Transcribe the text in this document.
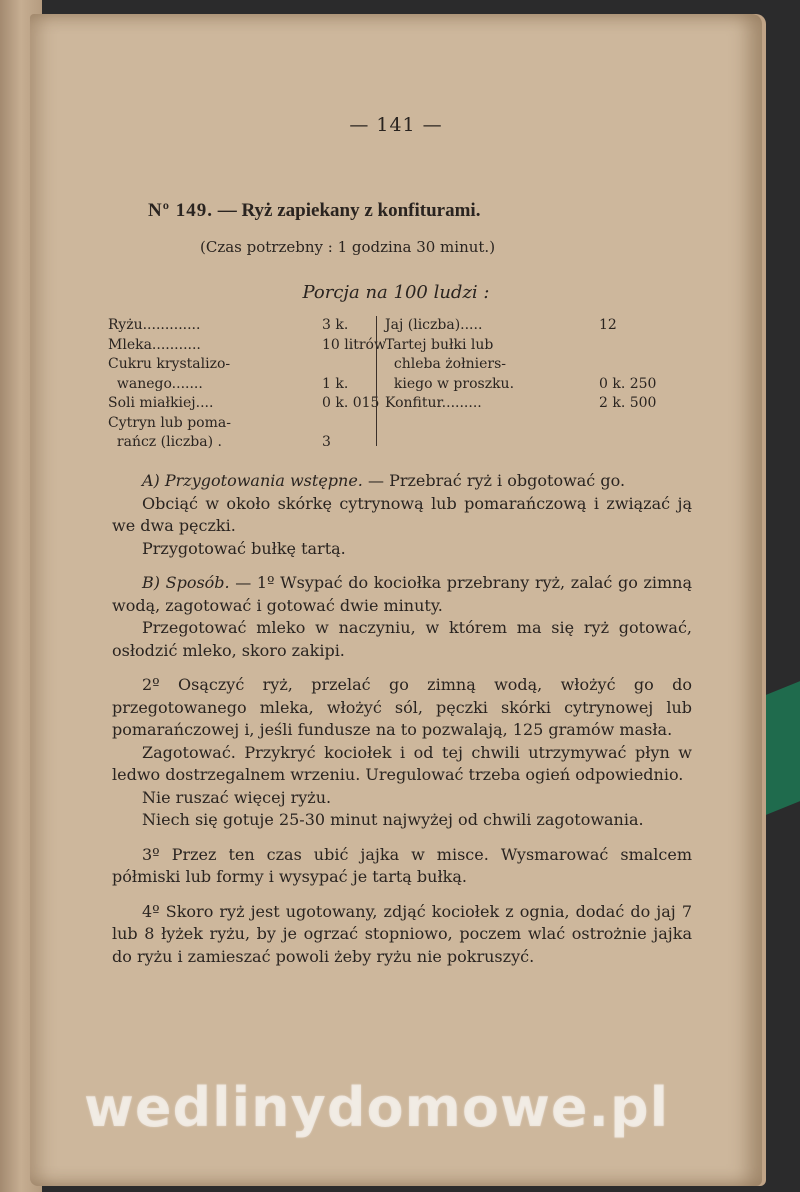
— 141 —
Nº 149. — Ryż zapiekany z konfiturami.
(Czas potrzebny : 1 godzina 30 minut.)
Porcja na 100 ludzi :
Ryżu.............	3 k.
Mleka...........	10 litrów
Cukru krystalizo-
wanego.......	1 k.
Soli miałkiej....	0 k. 015
Cytryn lub poma-
rańcz (liczba) .	3
Jaj (liczba).....	12
Tartej bułki lub
chleba żołniers-
kiego w proszku.	0 k. 250
Konfitur.........	2 k. 500

A) Przygotowania wstępne. — Przebrać ryż i obgotować go.

Obciąć w około skórkę cytrynową lub pomarańczową i związać ją we dwa pęczki.

Przygotować bułkę tartą.

B) Sposób. — 1º Wsypać do kociołka przebrany ryż, zalać go zimną wodą, zagotować i gotować dwie minuty.

Przegotować mleko w naczyniu, w którem ma się ryż gotować, osłodzić mleko, skoro zakipi.

2º Osączyć ryż, przelać go zimną wodą, włożyć go do przegotowanego mleka, włożyć sól, pęczki skórki cytrynowej lub pomarańczowej i, jeśli fundusze na to pozwalają, 125 gramów masła.

Zagotować. Przykryć kociołek i od tej chwili utrzymywać płyn w ledwo dostrzegalnem wrzeniu. Uregulować trzeba ogień odpowiednio.

Nie ruszać więcej ryżu.

Niech się gotuje 25-30 minut najwyżej od chwili zagotowania.

3º Przez ten czas ubić jajka w misce. Wysmarować smalcem półmiski lub formy i wysypać je tartą bułką.

4º Skoro ryż jest ugotowany, zdjąć kociołek z ognia, dodać do jaj 7 lub 8 łyżek ryżu, by je ogrzać stopniowo, poczem wlać ostrożnie jajka do ryżu i zamieszać powoli żeby ryżu nie pokruszyć.

wedlinydomowe.pl
